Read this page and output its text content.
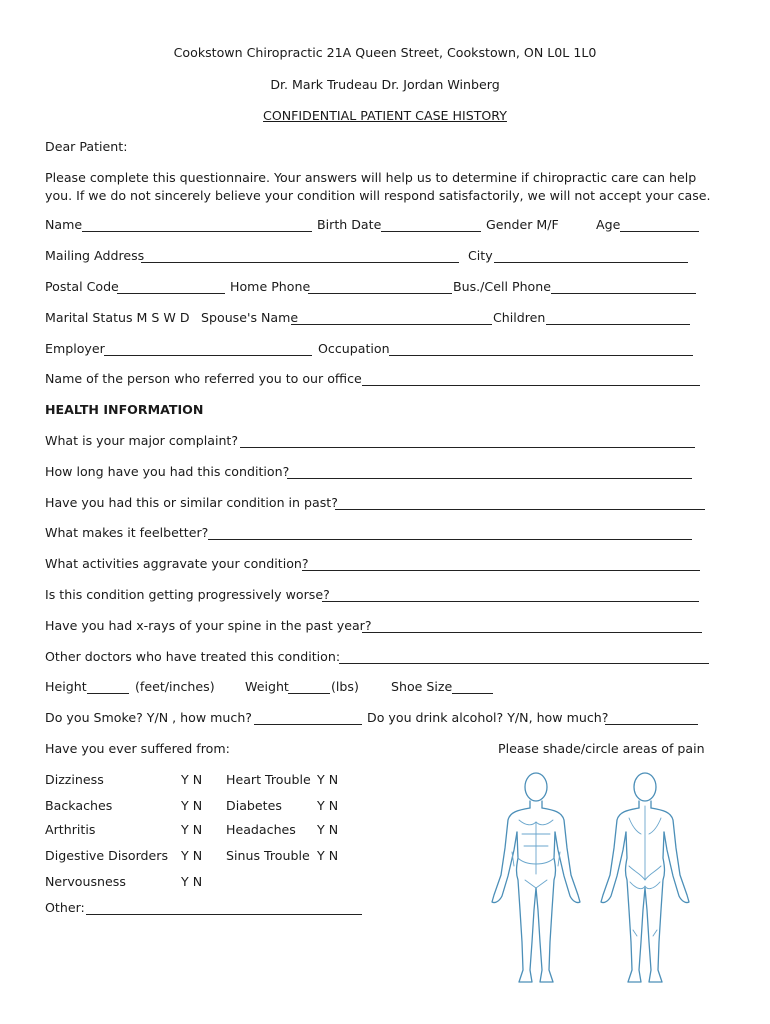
Cookstown Chiropractic 21A Queen Street, Cookstown, ON L0L 1L0
Dr. Mark Trudeau Dr. Jordan Winberg
CONFIDENTIAL PATIENT CASE HISTORY
Dear Patient:
Please complete this questionnaire. Your answers will help us to determine if chiropractic care can help
you. If we do not sincerely believe your condition will respond satisfactorily, we will not accept your case.
Name	Birth Date	Gender M/F	Age
Mailing Address	City
Postal Code	Home Phone	Bus./Cell Phone
Marital Status M S W D Spouse's Name	Children
Employer	Occupation
Name of the person who referred you to our office
HEALTH INFORMATION
What is your major complaint?
How long have you had this condition?
Have you had this or similar condition in past?
What makes it feelbetter?
What activities aggravate your condition?
Is this condition getting progressively worse?
Have you had x-rays of your spine in the past year?
Other doctors who have treated this condition:
Height	(feet/inches) Weight	(lbs)	Shoe Size
Do you Smoke? Y/N , how much?	Do you drink alcohol? Y/N, how much?
Have you ever suffered from:	Please shade/circle areas of pain
Dizziness	Y N Heart Trouble Y N
Backaches	Y N Diabetes	Y N
Arthritis	Y N Headaches Y N
Digestive Disorders Y N Sinus Trouble Y N
Nervousness	Y N
Other:
